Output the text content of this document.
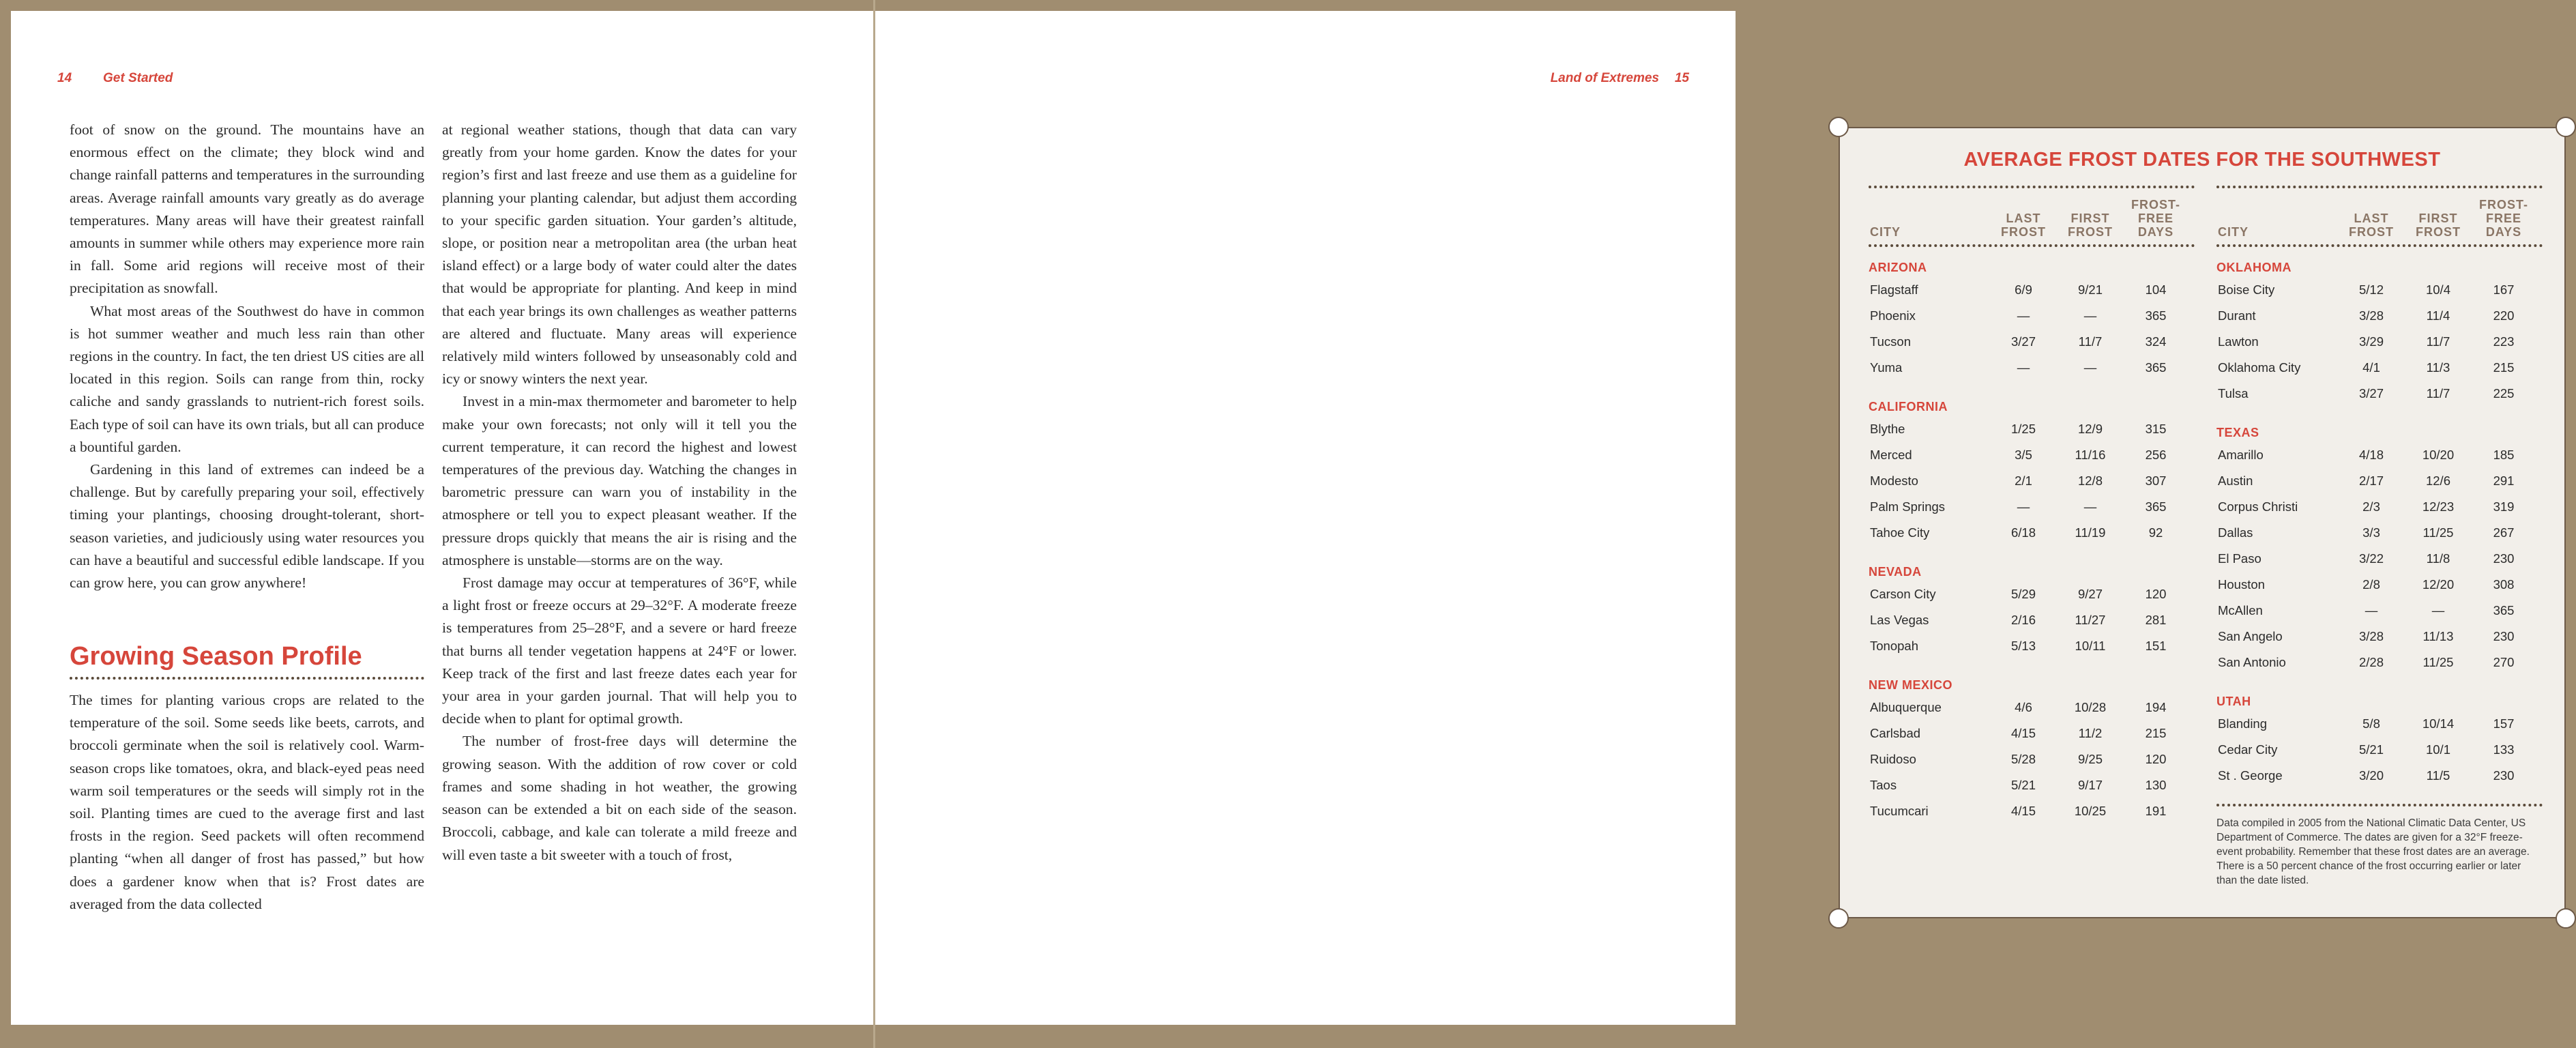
14 Get Started

foot of snow on the ground. The mountains have an enormous effect on the climate; they block wind and change rainfall patterns and temperatures in the surrounding areas. Average rainfall amounts vary greatly as do average temperatures. Many areas will have their greatest rainfall amounts in summer while others may experience more rain in fall. Some arid regions will receive most of their precipitation as snowfall.

What most areas of the Southwest do have in common is hot summer weather and much less rain than other regions in the country. In fact, the ten driest US cities are all located in this region. Soils can range from thin, rocky caliche and sandy grasslands to nutrient-rich forest soils. Each type of soil can have its own trials, but all can produce a bountiful garden.

Gardening in this land of extremes can indeed be a challenge. But by carefully preparing your soil, effectively timing your plantings, choosing drought-tolerant, short-season varieties, and judiciously using water resources you can have a beautiful and successful edible landscape. If you can grow here, you can grow anywhere!

Growing Season Profile

The times for planting various crops are related to the temperature of the soil. Some seeds like beets, carrots, and broccoli germinate when the soil is relatively cool. Warm-season crops like tomatoes, okra, and black-eyed peas need warm soil temperatures or the seeds will simply rot in the soil. Planting times are cued to the average first and last frosts in the region. Seed packets will often recommend planting “when all danger of frost has passed,” but how does a gardener know when that is? Frost dates are averaged from the data collected

at regional weather stations, though that data can vary greatly from your home garden. Know the dates for your region’s first and last freeze and use them as a guideline for planning your planting calendar, but adjust them according to your specific garden situation. Your garden’s altitude, slope, or position near a metropolitan area (the urban heat island effect) or a large body of water could alter the dates that would be appropriate for planting. And keep in mind that each year brings its own challenges as weather patterns are altered and fluctuate. Many areas will experience relatively mild winters followed by unseasonably cold and icy or snowy winters the next year.

Invest in a min-max thermometer and barometer to help make your own forecasts; not only will it tell you the current temperature, it can record the highest and lowest temperatures of the previous day. Watching the changes in barometric pressure can warn you of instability in the atmosphere or tell you to expect pleasant weather. If the pressure drops quickly that means the air is rising and the atmosphere is unstable—storms are on the way.

Frost damage may occur at temperatures of 36°F, while a light frost or freeze occurs at 29–32°F. A moderate freeze is temperatures from 25–28°F, and a severe or hard freeze that burns all tender vegetation happens at 24°F or lower. Keep track of the first and last freeze dates each year for your area in your garden journal. That will help you to decide when to plant for optimal growth.

The number of frost-free days will determine the growing season. With the addition of row cover or cold frames and some shading in hot weather, the growing season can be extended a bit on each side of the season. Broccoli, cabbage, and kale can tolerate a mild freeze and will even taste a bit sweeter with a touch of frost,

15
Land of Extremes
AVERAGE FROST DATES FOR THE SOUTHWEST
CITY
LAST FROST
FIRST FROST
FROST-FREE DAYS
ARIZONA
Flagstaff	6/9	9/21	104
Phoenix	—	—	365
Tucson	3/27	11/7	324
Yuma	—	—	365
CALIFORNIA
Blythe	1/25	12/9	315
Merced	3/5	11/16	256
Modesto	2/1	12/8	307
Palm Springs	—	—	365
Tahoe City	6/18	11/19	92
NEVADA
Carson City	5/29	9/27	120
Las Vegas	2/16	11/27	281
Tonopah	5/13	10/11	151
NEW MEXICO
Albuquerque	4/6	10/28	194
Carlsbad	4/15	11/2	215
Ruidoso	5/28	9/25	120
Taos	5/21	9/17	130
Tucumcari	4/15	10/25	191
CITY
LAST FROST
FIRST FROST
FROST-FREE DAYS
OKLAHOMA
Boise City	5/12	10/4	167
Durant	3/28	11/4	220
Lawton	3/29	11/7	223
Oklahoma City	4/1	11/3	215
Tulsa	3/27	11/7	225
TEXAS
Amarillo	4/18	10/20	185
Austin	2/17	12/6	291
Corpus Christi	2/3	12/23	319
Dallas	3/3	11/25	267
El Paso	3/22	11/8	230
Houston	2/8	12/20	308
McAllen	—	—	365
San Angelo	3/28	11/13	230
San Antonio	2/28	11/25	270
UTAH
Blanding	5/8	10/14	157
Cedar City	5/21	10/1	133
St . George	3/20	11/5	230
Data compiled in 2005 from the National Climatic Data Center, US Department of Commerce. The dates are given for a 32°F freeze-event probability. Remember that these frost dates are an average. There is a 50 percent chance of the frost occurring earlier or later than the date listed.
